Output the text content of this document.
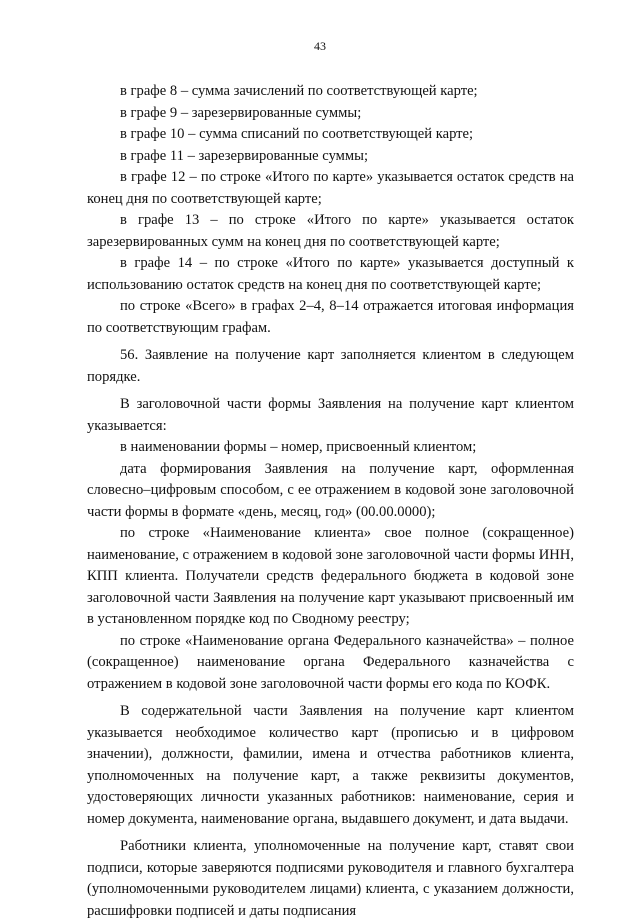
43

в графе 8 – сумма зачислений по соответствующей карте;

в графе 9 – зарезервированные суммы;

в графе 10 – сумма списаний по соответствующей карте;

в графе 11 – зарезервированные суммы;

в графе 12 – по строке «Итого по карте» указывается остаток средств на конец дня по соответствующей карте;

в графе 13 – по строке «Итого по карте» указывается остаток зарезервированных сумм на конец дня по соответствующей карте;

в графе 14 – по строке «Итого по карте» указывается доступный к использованию остаток средств на конец дня по соответствующей карте;

по строке «Всего» в графах 2–4, 8–14 отражается итоговая информация по соответствующим графам.

56. Заявление на получение карт заполняется клиентом в следующем порядке.

В заголовочной части формы Заявления на получение карт клиентом указывается:

в наименовании формы – номер, присвоенный клиентом;

дата формирования Заявления на получение карт, оформленная словесно–цифровым способом, с ее отражением в кодовой зоне заголовочной части формы в формате «день, месяц, год» (00.00.0000);

по строке «Наименование клиента» свое полное (сокращенное) наименование, с отражением в кодовой зоне заголовочной части формы ИНН, КПП клиента. Получатели средств федерального бюджета в кодовой зоне заголовочной части Заявления на получение карт указывают присвоенный им в установленном порядке код по Сводному реестру;

по строке «Наименование органа Федерального казначейства» – полное (сокращенное) наименование органа Федерального казначейства с отражением в кодовой зоне заголовочной части формы его кода по КОФК.

В содержательной части Заявления на получение карт клиентом указывается необходимое количество карт (прописью и в цифровом значении), должности, фамилии, имена и отчества работников клиента, уполномоченных на получение карт, а также реквизиты документов, удостоверяющих личности указанных работников: наименование, серия и номер документа, наименование органа, выдавшего документ, и дата выдачи.

Работники клиента, уполномоченные на получение карт, ставят свои подписи, которые заверяются подписями руководителя и главного бухгалтера (уполномоченными руководителем лицами) клиента, с указанием должности, расшифровки подписей и даты подписания
